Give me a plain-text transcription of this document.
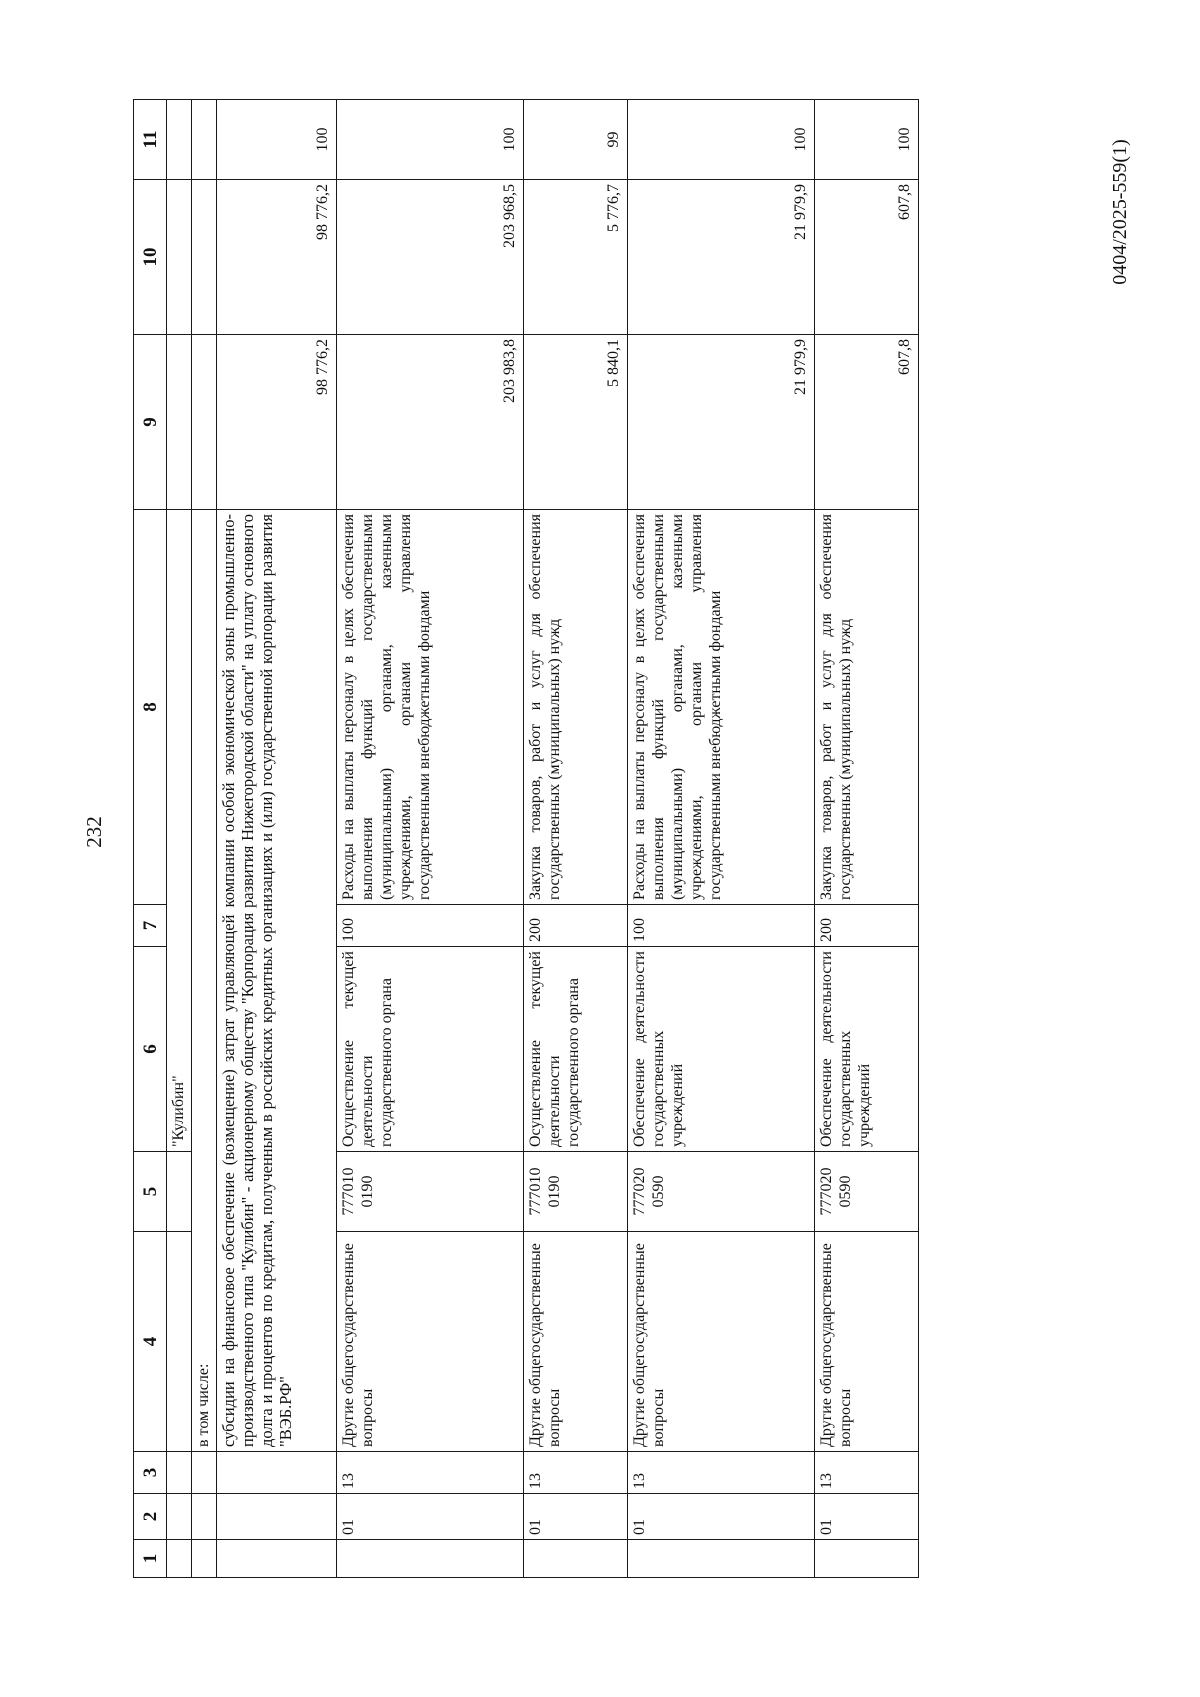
232
0404/2025-559(1)
1	2	3	4	5	6	7	8	9	10	11
					"Кулибин"					
			в том числе:							
			субсидии на финансовое обеспечение (возмещение) затрат управляющей компании особой экономической зоны промышленно-производственного типа "Кулибин" - акционерному обществу "Корпорация развития Нижегородской области" на уплату основного долга и процентов по кредитам, полученным в российских кредитных организациях и (или) государственной корпорации развития "ВЭБ.РФ"					98 776,2	98 776,2	100
	01	13	Другие общегосударственные вопросы	777010 0190	Осуществление текущей деятельности государственного органа	100	Расходы на выплаты персоналу в целях обеспечения выполнения функций государственными (муниципальными) органами, казенными учреждениями, органами управления государственными внебюджетными фондами	203 983,8	203 968,5	100
	01	13	Другие общегосударственные вопросы	777010 0190	Осуществление текущей деятельности государственного органа	200	Закупка товаров, работ и услуг для обеспечения государственных (муниципальных) нужд	5 840,1	5 776,7	99
	01	13	Другие общегосударственные вопросы	777020 0590	Обеспечение деятельности государственных учреждений	100	Расходы на выплаты персоналу в целях обеспечения выполнения функций государственными (муниципальными) органами, казенными учреждениями, органами управления государственными внебюджетными фондами	21 979,9	21 979,9	100
	01	13	Другие общегосударственные вопросы	777020 0590	Обеспечение деятельности государственных учреждений	200	Закупка товаров, работ и услуг для обеспечения государственных (муниципальных) нужд	607,8	607,8	100
